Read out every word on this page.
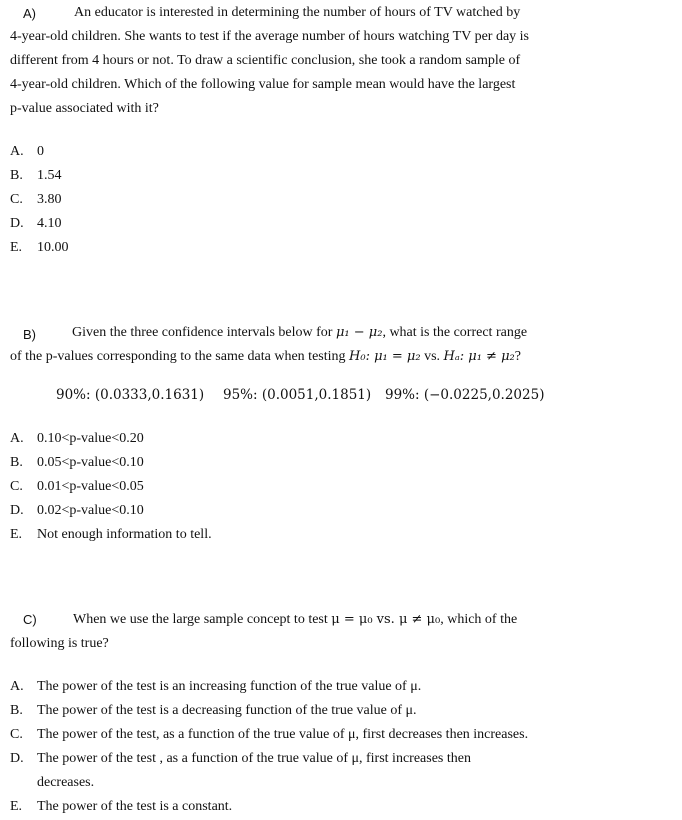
A)	An educator is interested in determining the number of hours of TV watched by
4-year-old children. She wants to test if the average number of hours watching TV per day is
different from 4 hours or not. To draw a scientific conclusion, she took a random sample of
4-year-old children. Which of the following value for sample mean would have the largest
p-value associated with it?
A. 0
B. 1.54
C. 3.80
D. 4.10
E. 10.00
B)	Given the three confidence intervals below for μ₁ − μ₂, what is the correct range
of the p-values corresponding to the same data when testing H₀: μ₁ = μ₂ vs. Hₐ: μ₁ ≠ μ₂?
90%: (0.0333,0.1631) 95%: (0.0051,0.1851) 99%: (−0.0225,0.2025)
A. 0.10<p-value<0.20
B. 0.05<p-value<0.10
C. 0.01<p-value<0.05
D. 0.02<p-value<0.10
E. Not enough information to tell.
C)	When we use the large sample concept to test μ = μ₀ vs. μ ≠ μ₀, which of the
following is true?
A. The power of the test is an increasing function of the true value of μ.
B. The power of the test is a decreasing function of the true value of μ.
C. The power of the test, as a function of the true value of μ, first decreases then increases.
D. The power of the test , as a function of the true value of μ, first increases then
decreases.
E. The power of the test is a constant.
